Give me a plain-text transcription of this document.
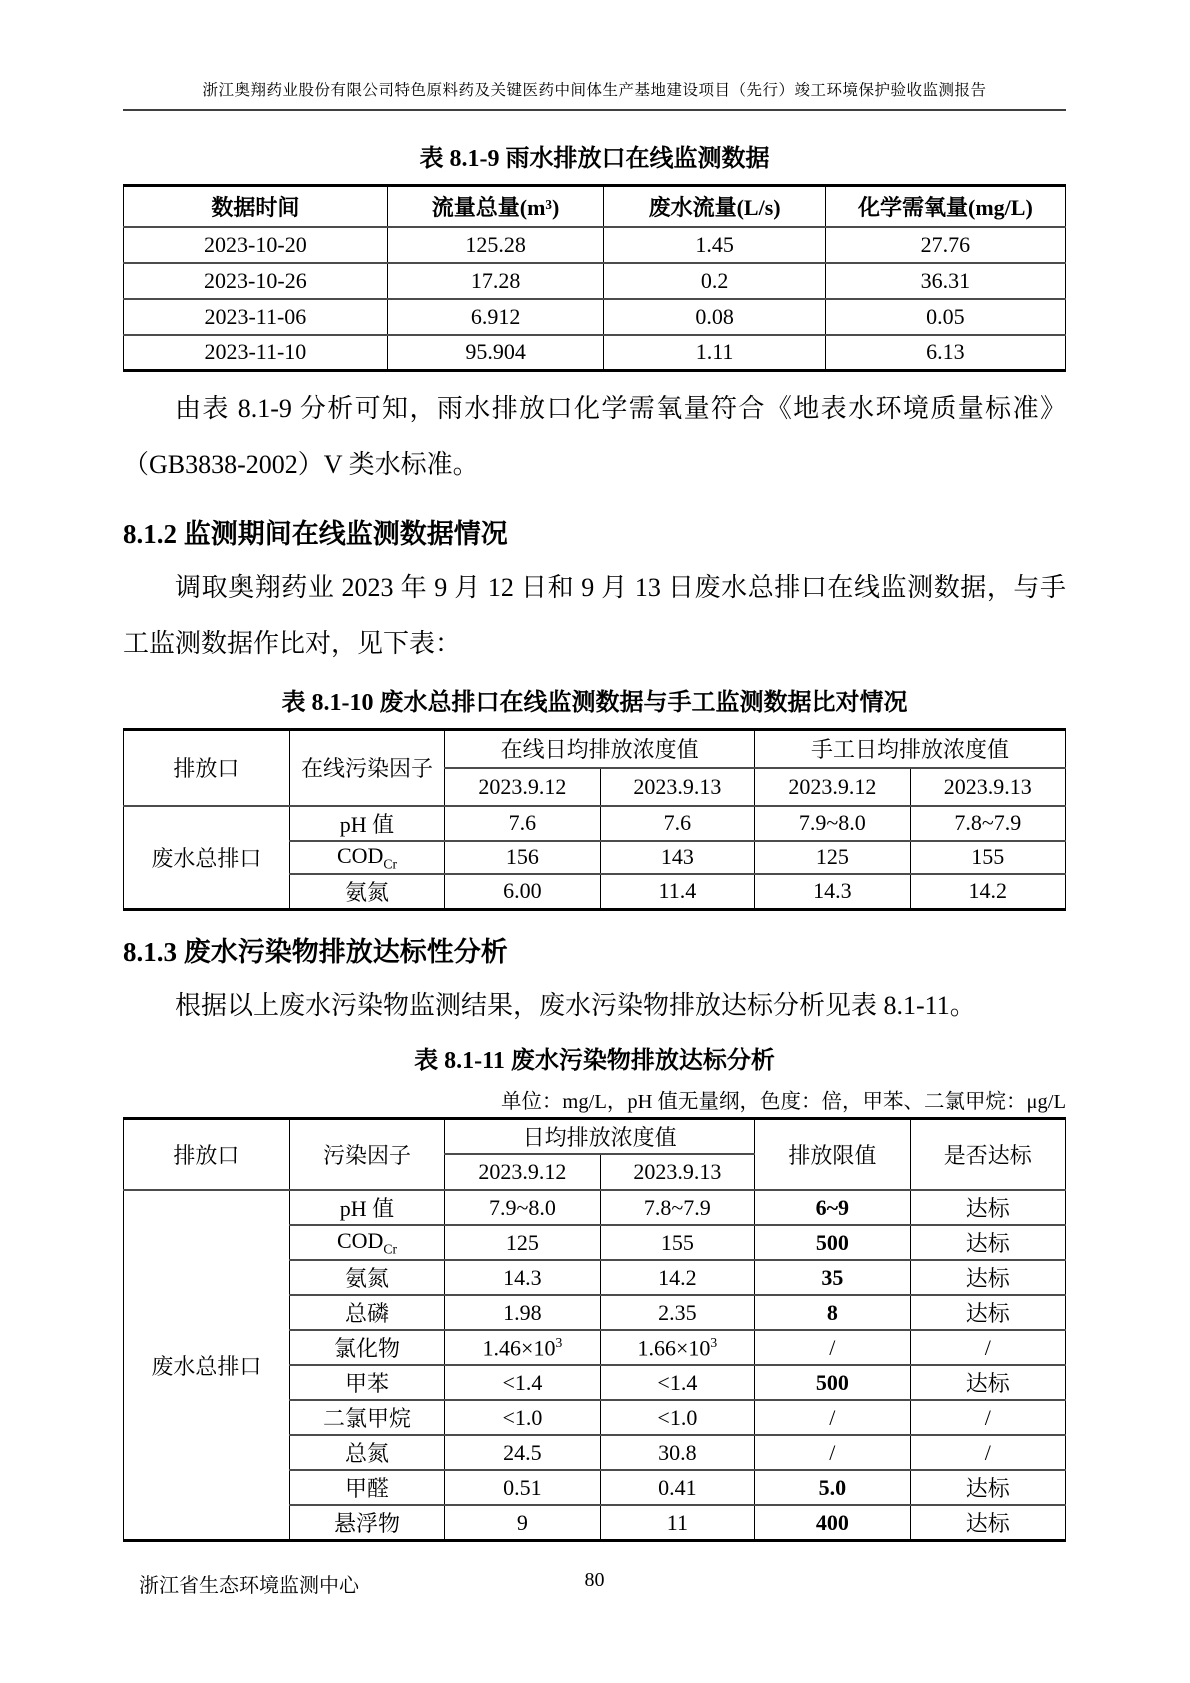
浙江奥翔药业股份有限公司特色原料药及关键医药中间体生产基地建设项目（先行）竣工环境保护验收监测报告
表 8.1-9 雨水排放口在线监测数据
数据时间	流量总量(m³)	废水流量(L/s)	化学需氧量(mg/L)
2023-10-20	125.28	1.45	27.76
2023-10-26	17.28	0.2	36.31
2023-11-06	6.912	0.08	0.05
2023-11-10	95.904	1.11	6.13

由表 8.1-9 分析可知，雨水排放口化学需氧量符合《地表水环境质量标准》（GB3838-2002）V 类水标准。

8.1.2 监测期间在线监测数据情况

调取奥翔药业 2023 年 9 月 12 日和 9 月 13 日废水总排口在线监测数据，与手工监测数据作比对，见下表：

表 8.1-10 废水总排口在线监测数据与手工监测数据比对情况
排放口	在线污染因子	在线日均排放浓度值		手工日均排放浓度值	
		2023.9.12	2023.9.13	2023.9.12	2023.9.13
废水总排口	pH 值	7.6	7.6	7.9~8.0	7.8~7.9
	$COD_{Cr}$	156	143	125	155
	氨氮	6.00	11.4	14.3	14.2
8.1.3 废水污染物排放达标性分析

根据以上废水污染物监测结果，废水污染物排放达标分析见表 8.1-11。

表 8.1-11 废水污染物排放达标分析
单位：mg/L，pH 值无量纲，色度：倍，甲苯、二氯甲烷：μg/L
排放口	污染因子	日均排放浓度值		排放限值	是否达标
		2023.9.12	2023.9.13		
废水总排口	pH 值	7.9~8.0	7.8~7.9	6~9	达标
	$COD_{Cr}$	125	155	500	达标
	氨氮	14.3	14.2	35	达标
	总磷	1.98	2.35	8	达标
	氯化物	$1.46\times 10^3$	$1.66\times 10^3$	/	/
	甲苯	<1.4	<1.4	500	达标
	二氯甲烷	<1.0	<1.0	/	/
	总氮	24.5	30.8	/	/
	甲醛	0.51	0.41	5.0	达标
	悬浮物	9	11	400	达标
浙江省生态环境监测中心	80
